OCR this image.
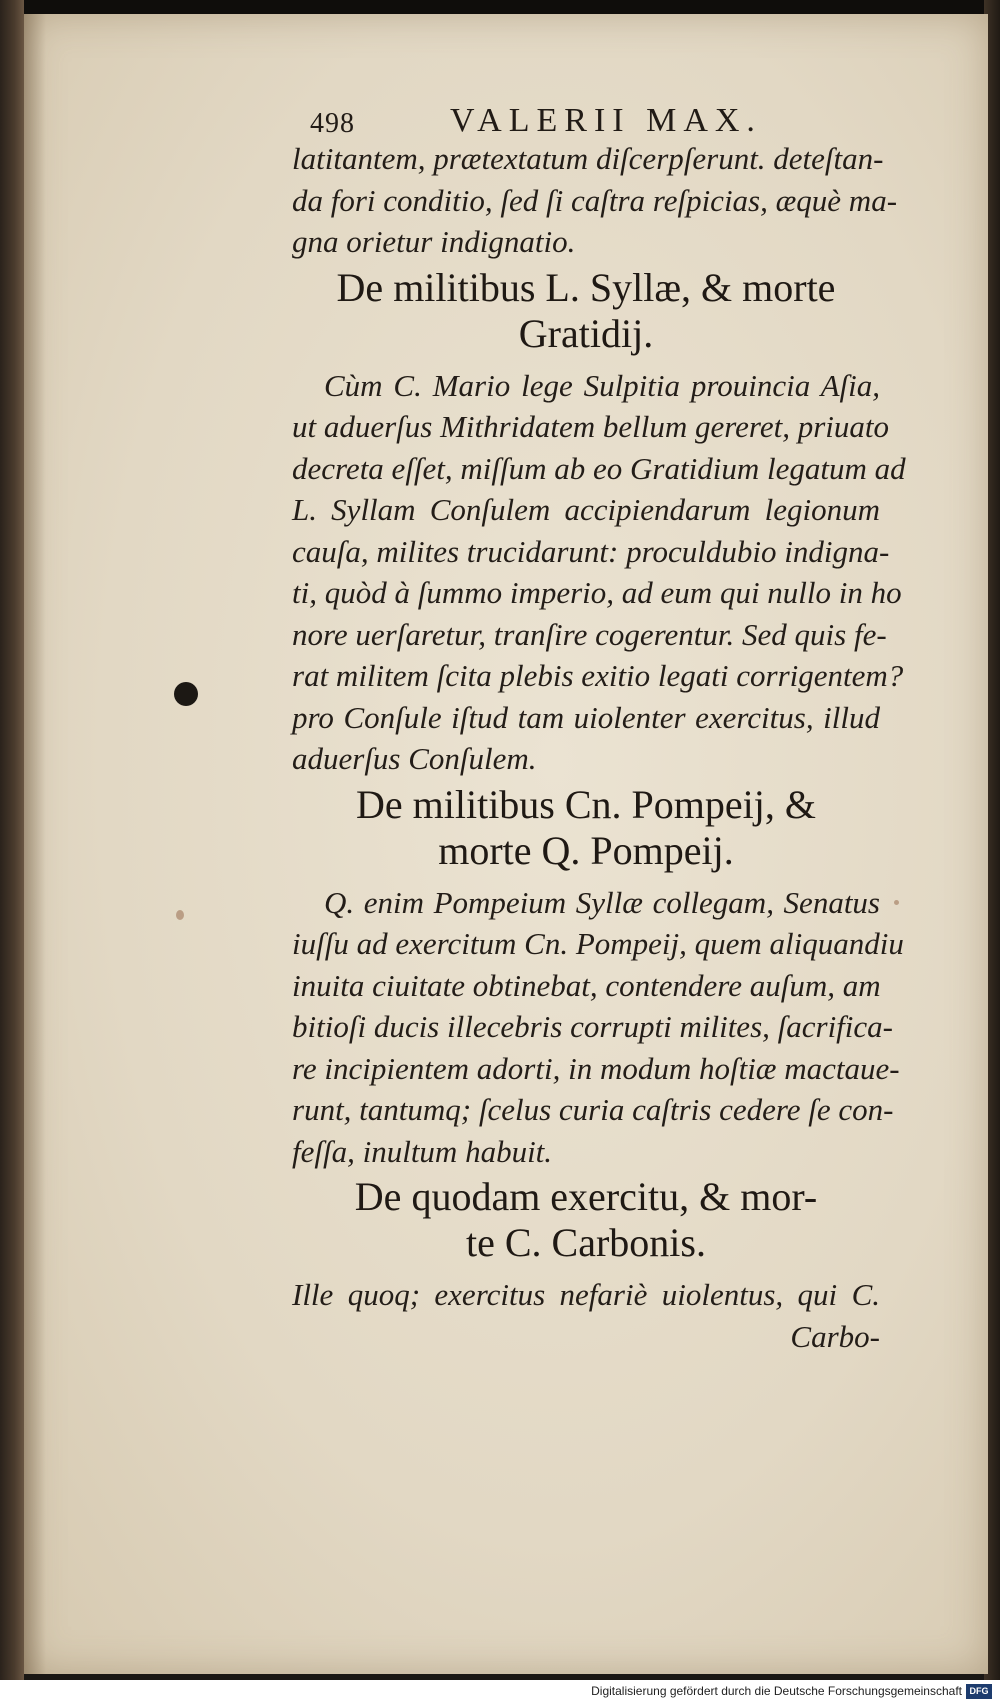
498	VALERII MAX.
latitantem, prætextatum diſcerpſerunt. deteſtan-
da fori conditio, ſed ſi caſtra reſpicias, æquè ma-
gna orietur indignatio.
De militibus L. Syllæ, & morte
Gratidij.
Cùm C. Mario lege Sulpitia prouincia Aſia,
ut aduerſus Mithridatem bellum gereret, priuato
decreta eſſet, miſſum ab eo Gratidium legatum ad
L. Syllam Conſulem accipiendarum legionum
cauſa, milites trucidarunt: proculdubio indigna-
ti, quòd à ſummo imperio, ad eum qui nullo in ho
nore uerſaretur, tranſire cogerentur. Sed quis fe-
rat militem ſcita plebis exitio legati corrigentem?
pro Conſule iſtud tam uiolenter exercitus, illud
aduerſus Conſulem.
De militibus Cn. Pompeij, &
morte Q. Pompeij.
Q. enim Pompeium Syllæ collegam, Senatus
iuſſu ad exercitum Cn. Pompeij, quem aliquandiu
inuita ciuitate obtinebat, contendere auſum, am
bitioſi ducis illecebris corrupti milites, ſacrifica-
re incipientem adorti, in modum hoſtiæ mactaue-
runt, tantumq; ſcelus curia caſtris cedere ſe con-
feſſa, inultum habuit.
De quodam exercitu, & mor-
te C. Carbonis.
Ille quoq; exercitus nefariè uiolentus, qui C.
Carbo-
Digitalisierung gefördert durch die Deutsche Forschungsgemeinschaft DFG
